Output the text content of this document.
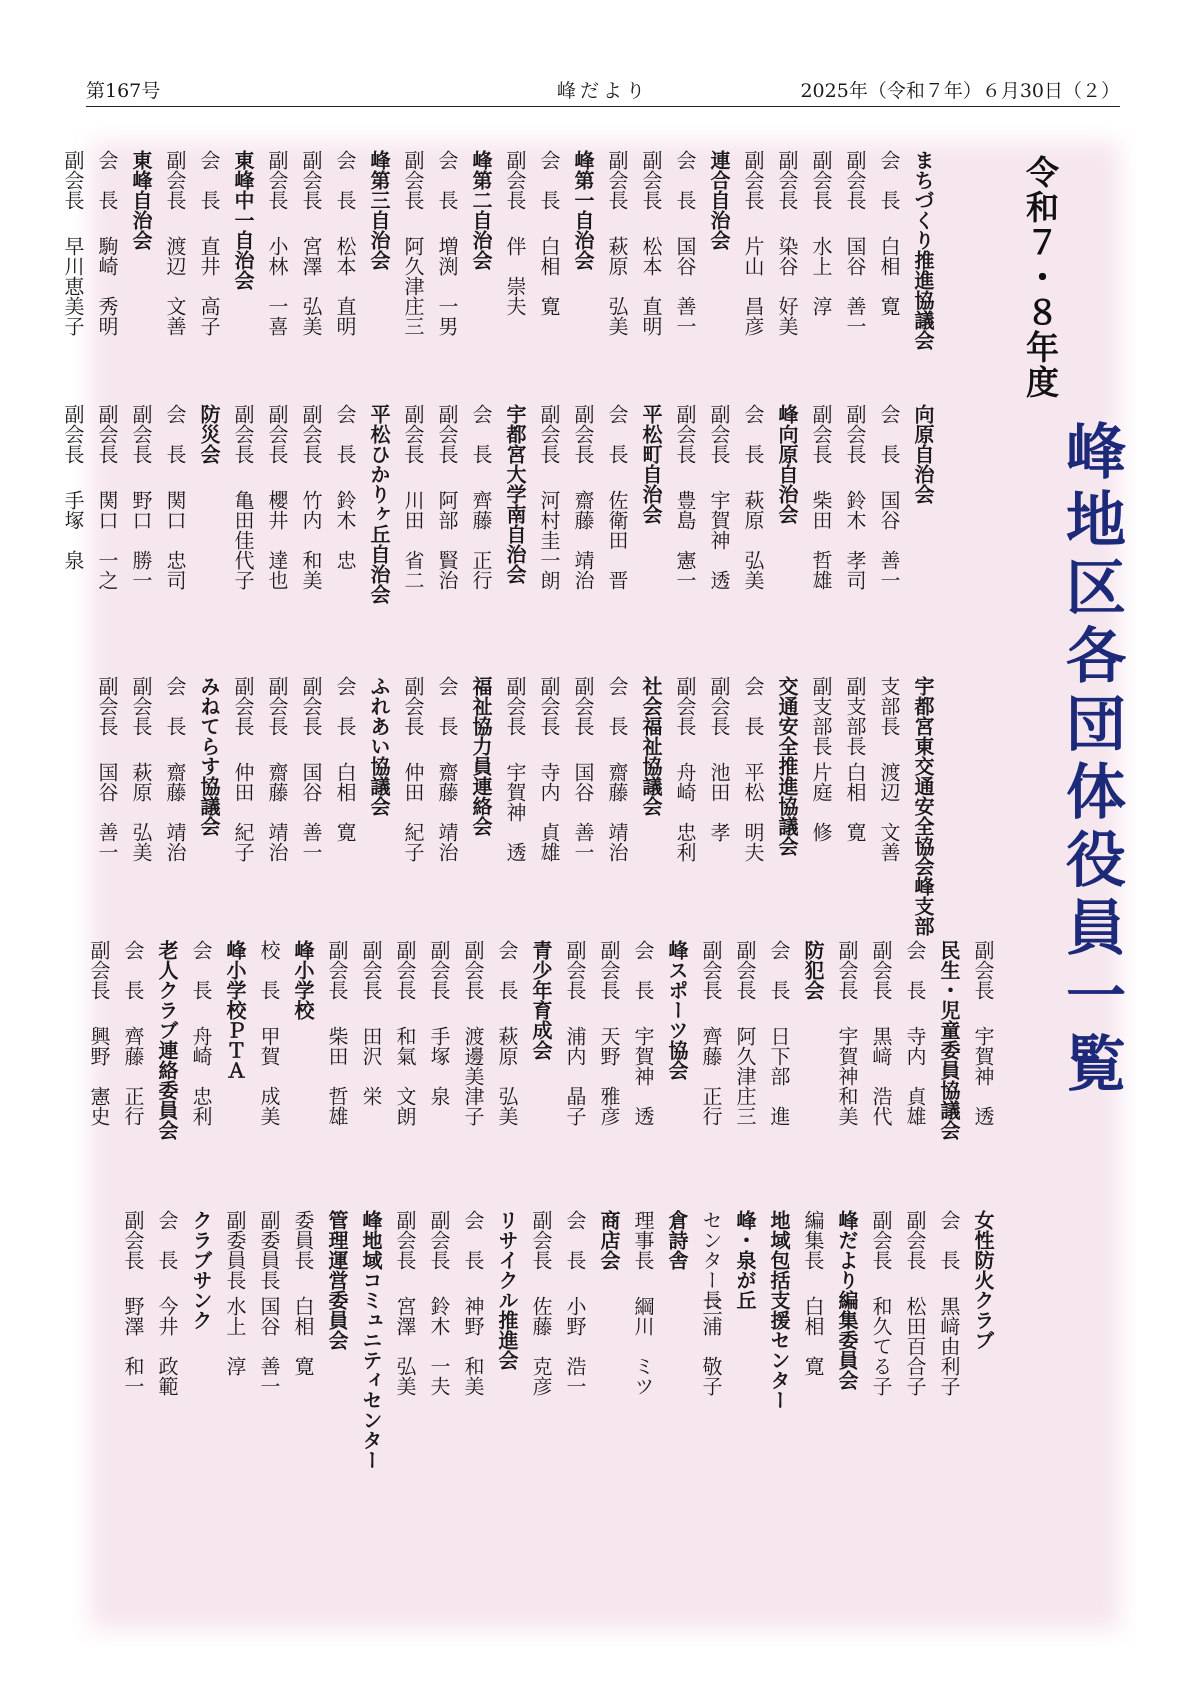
第167号	峰だより	2025年（令和７年）６月30日（２）
令和７・８年度
峰地区各団体役員一覧
まちづくり推進協議会
会　長白相　寛
副会長国谷　善一
副会長水上　淳
副会長染谷　好美
副会長片山　昌彦
連合自治会
会　長国谷　善一
副会長松本　直明
副会長萩原　弘美
峰第一自治会
会　長白相　寛
副会長伴　崇夫
峰第二自治会
会　長増渕　一男
副会長阿久津庄三
峰第三自治会
会　長松本　直明
副会長宮澤　弘美
副会長小林　一喜
東峰中一自治会
会　長直井　高子
副会長渡辺　文善
東峰自治会
会　長駒崎　秀明
副会長早川恵美子
向原自治会
会　長国谷　善一
副会長鈴木　孝司
副会長柴田　哲雄
峰向原自治会
会　長萩原　弘美
副会長宇賀神　透
副会長豊島　憲一
平松町自治会
会　長佐衛田　晋
副会長齋藤　靖治
副会長河村圭一朗
宇都宮大学南自治会
会　長齊藤　正行
副会長阿部　賢治
副会長川田　省二
平松ひかりヶ丘自治会
会　長鈴木　忠
副会長竹内　和美
副会長櫻井　達也
副会長亀田佳代子
防災会
会　長関口　忠司
副会長野口　勝一
副会長関口　一之
副会長手塚　泉
宇都宮東交通安全協会峰支部
支部長渡辺　文善
副支部長白相　寛
副支部長片庭　修
交通安全推進協議会
会　長平松　明夫
副会長池田　孝
副会長舟崎　忠利
社会福祉協議会
会　長齋藤　靖治
副会長国谷　善一
副会長寺内　貞雄
副会長宇賀神　透
福祉協力員連絡会
会　長齋藤　靖治
副会長仲田　紀子
ふれあい協議会
会　長白相　寛
副会長国谷　善一
副会長齋藤　靖治
副会長仲田　紀子
みねてらす協議会
会　長齋藤　靖治
副会長萩原　弘美
副会長国谷　善一
副会長宇賀神　透
民生・児童委員協議会
会　長寺内　貞雄
副会長黒﨑　浩代
副会長宇賀神和美
防犯会
会　長日下部　進
副会長阿久津庄三
副会長齊藤　正行
峰スポーツ協会
会　長宇賀神　透
副会長天野　雅彦
副会長浦内　晶子
青少年育成会
会　長萩原　弘美
副会長渡邊美津子
副会長手塚　泉
副会長和氣　文朗
副会長田沢　栄
副会長柴田　哲雄
峰小学校
校　長甲賀　成美
峰小学校ＰＴＡ
会　長舟崎　忠利
老人クラブ連絡委員会
会　長齊藤　正行
副会長興野　憲史
女性防火クラブ
会　長黒﨑由利子
副会長松田百合子
副会長和久てる子
峰だより編集委員会
編集長白相　寛
地域包括支援センター
峰・泉が丘
センター長三浦　敬子
倉詩舎
理事長綱川　ミツ
商店会
会　長小野　浩一
副会長佐藤　克彦
リサイクル推進会
会　長神野　和美
副会長鈴木　一夫
副会長宮澤　弘美
峰地域コミュニティセンター
管理運営委員会
委員長白相　寛
副委員長国谷　善一
副委員長水上　淳
クラブサンク
会　長今井　政範
副会長野澤　和一
